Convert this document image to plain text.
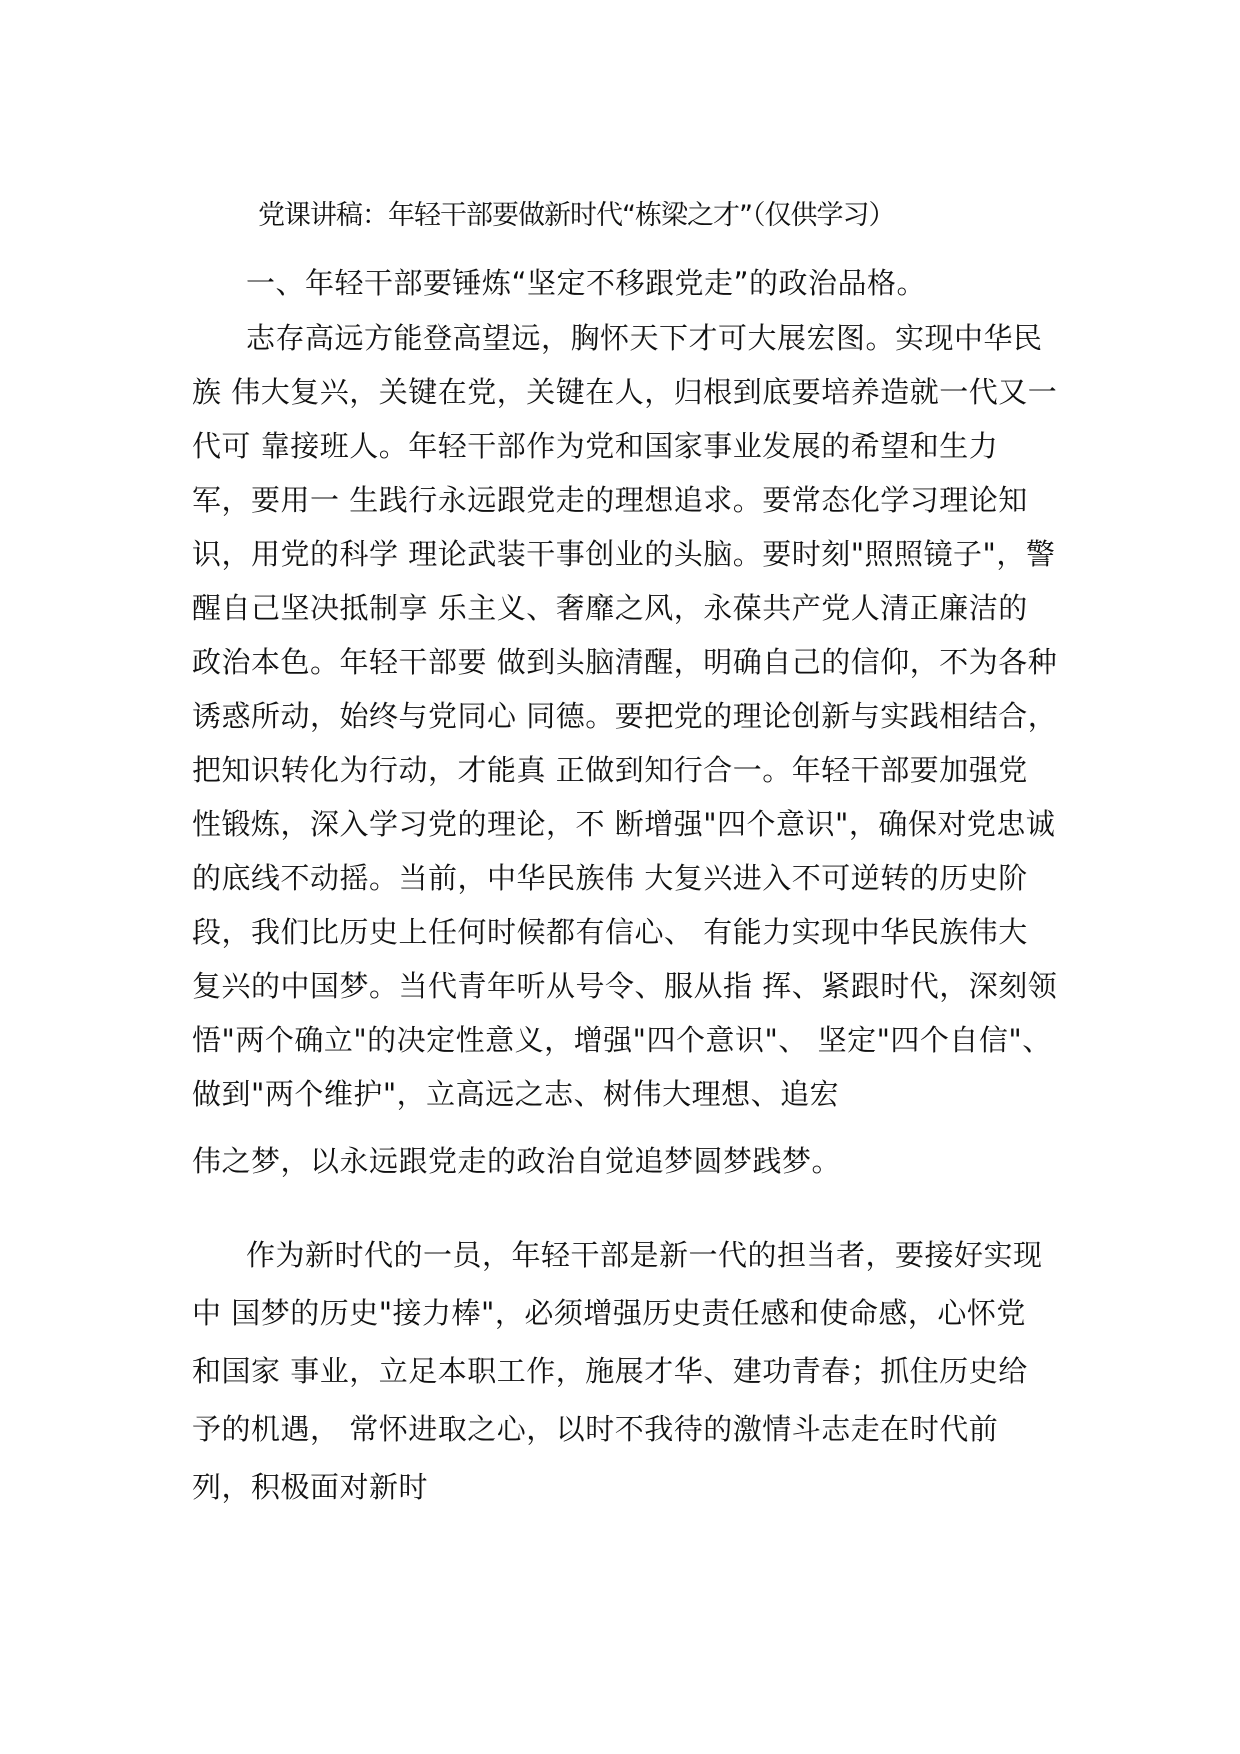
党课讲稿：年轻干部要做新时代“栋梁之才”（仅供学习）
一、年轻干部要锤炼“坚定不移跟党走”的政治品格。
志存高远方能登高望远，胸怀天下才可大展宏图。实现中华民
族 伟大复兴，关键在党，关键在人，归根到底要培养造就一代又一
代可 靠接班人。年轻干部作为党和国家事业发展的希望和生力
军，要用一 生践行永远跟党走的理想追求。要常态化学习理论知
识，用党的科学 理论武装干事创业的头脑。要时刻"照照镜子"，警
醒自己坚决抵制享 乐主义、奢靡之风，永葆共产党人清正廉洁的
政治本色。年轻干部要 做到头脑清醒，明确自己的信仰，不为各种
诱惑所动，始终与党同心 同德。要把党的理论创新与实践相结合，
把知识转化为行动，才能真 正做到知行合一。年轻干部要加强党
性锻炼，深入学习党的理论，不 断增强"四个意识"，确保对党忠诚
的底线不动摇。当前，中华民族伟 大复兴进入不可逆转的历史阶
段，我们比历史上任何时候都有信心、 有能力实现中华民族伟大
复兴的中国梦。当代青年听从号令、服从指 挥、紧跟时代，深刻领
悟"两个确立"的决定性意义，增强"四个意识"、 坚定"四个自信"、
做到"两个维护"，立高远之志、树伟大理想、追宏
伟之梦，以永远跟党走的政治自觉追梦圆梦践梦。
作为新时代的一员，年轻干部是新一代的担当者，要接好实现
中 国梦的历史"接力棒"，必须增强历史责任感和使命感，心怀党
和国家 事业，立足本职工作，施展才华、建功青春；抓住历史给
予的机遇， 常怀进取之心，以时不我待的激情斗志走在时代前
列，积极面对新时
